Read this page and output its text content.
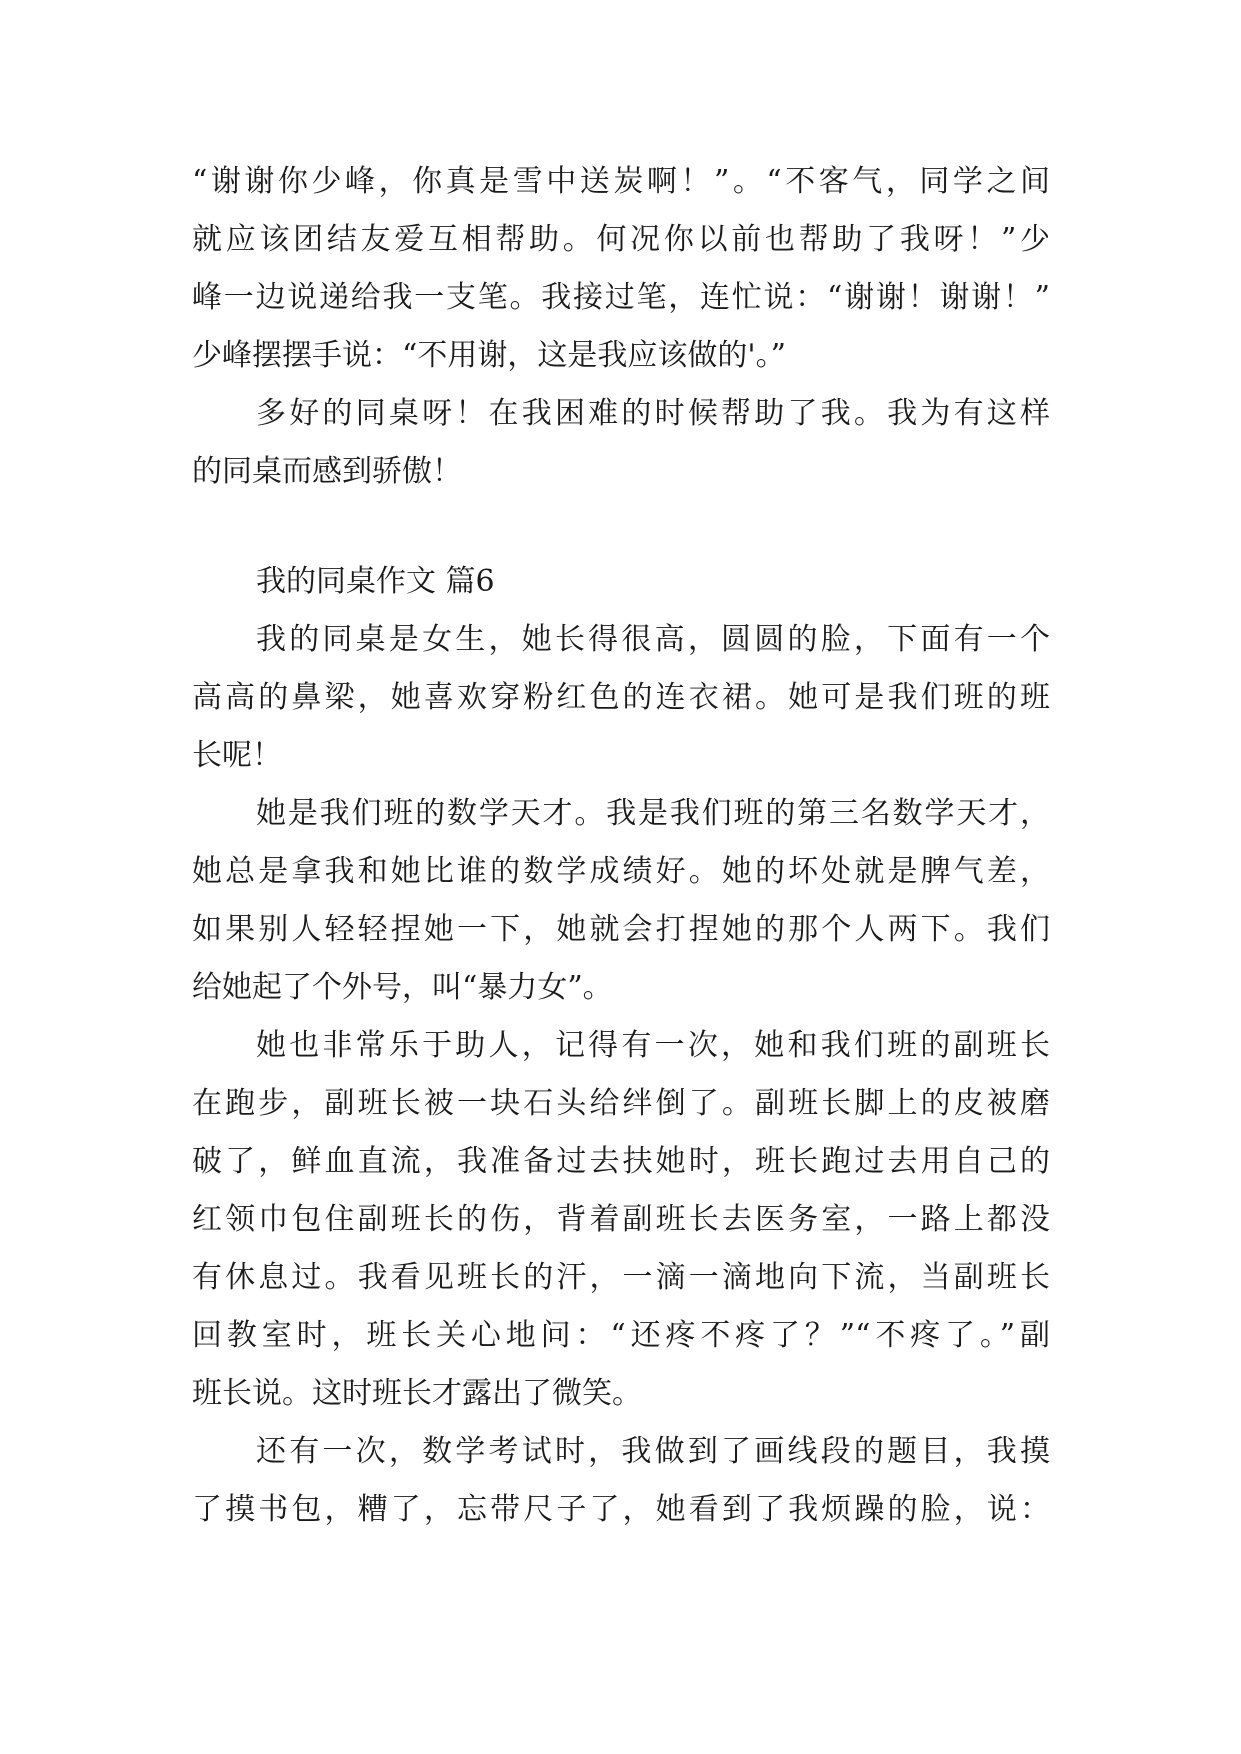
“谢谢你少峰，你真是雪中送炭啊！”。“不客气，同学之间
就应该团结友爱互相帮助。何况你以前也帮助了我呀！”少
峰一边说递给我一支笔。我接过笔，连忙说：“谢谢！谢谢！”
少峰摆摆手说：“不用谢，这是我应该做的'。”
多好的同桌呀！在我困难的时候帮助了我。我为有这样
的同桌而感到骄傲！
我的同桌作文 篇6
我的同桌是女生，她长得很高，圆圆的脸，下面有一个
高高的鼻梁，她喜欢穿粉红色的连衣裙。她可是我们班的班
长呢！
她是我们班的数学天才。我是我们班的第三名数学天才，
她总是拿我和她比谁的数学成绩好。她的坏处就是脾气差，
如果别人轻轻捏她一下，她就会打捏她的那个人两下。我们
给她起了个外号，叫“暴力女”。
她也非常乐于助人，记得有一次，她和我们班的副班长
在跑步，副班长被一块石头给绊倒了。副班长脚上的皮被磨
破了，鲜血直流，我准备过去扶她时，班长跑过去用自己的
红领巾包住副班长的伤，背着副班长去医务室，一路上都没
有休息过。我看见班长的汗，一滴一滴地向下流，当副班长
回教室时，班长关心地问：“还疼不疼了？”“不疼了。”副
班长说。这时班长才露出了微笑。
还有一次，数学考试时，我做到了画线段的题目，我摸
了摸书包，糟了，忘带尺子了，她看到了我烦躁的脸，说：
